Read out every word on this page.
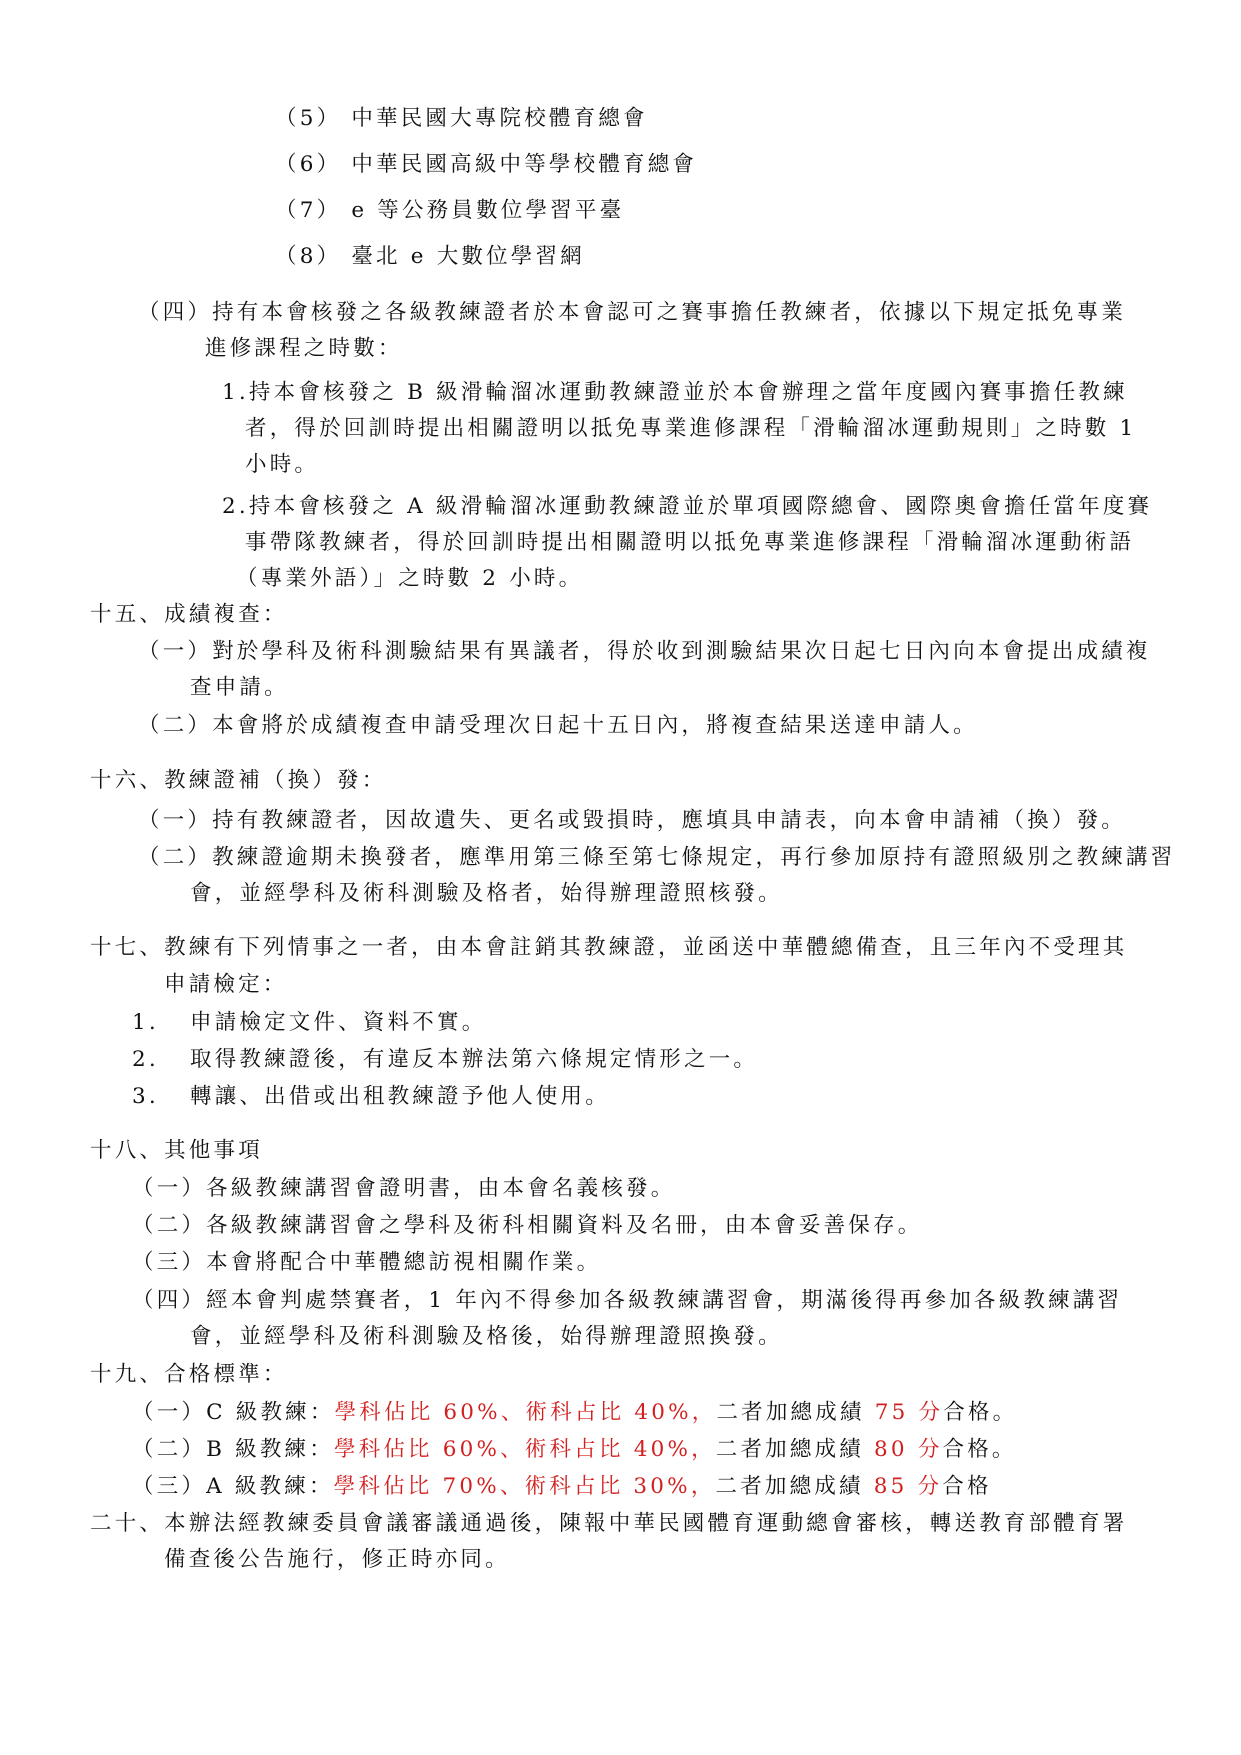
（5） 中華民國大專院校體育總會
（6） 中華民國高級中等學校體育總會
（7） e 等公務員數位學習平臺
（8） 臺北 e 大數位學習網
（四）持有本會核發之各級教練證者於本會認可之賽事擔任教練者，依據以下規定抵免專業
進修課程之時數：
1.持本會核發之 B 級滑輪溜冰運動教練證並於本會辦理之當年度國內賽事擔任教練
者，得於回訓時提出相關證明以抵免專業進修課程「滑輪溜冰運動規則」之時數 1
小時。
2.持本會核發之 A 級滑輪溜冰運動教練證並於單項國際總會、國際奧會擔任當年度賽
事帶隊教練者，得於回訓時提出相關證明以抵免專業進修課程「滑輪溜冰運動術語
（專業外語）」之時數 2 小時。
十五、成績複查：
（一）對於學科及術科測驗結果有異議者，得於收到測驗結果次日起七日內向本會提出成績複
查申請。
（二）本會將於成績複查申請受理次日起十五日內，將複查結果送達申請人。
十六、教練證補（換）發：
（一）持有教練證者，因故遺失、更名或毀損時，應填具申請表，向本會申請補（換）發。
（二）教練證逾期未換發者，應準用第三條至第七條規定，再行參加原持有證照級別之教練講習
會，並經學科及術科測驗及格者，始得辦理證照核發。
十七、教練有下列情事之一者，由本會註銷其教練證，並函送中華體總備查，且三年內不受理其
申請檢定：
1. 申請檢定文件、資料不實。
2. 取得教練證後，有違反本辦法第六條規定情形之一。
3. 轉讓、出借或出租教練證予他人使用。
十八、其他事項
（一）各級教練講習會證明書，由本會名義核發。
（二）各級教練講習會之學科及術科相關資料及名冊，由本會妥善保存。
（三）本會將配合中華體總訪視相關作業。
（四）經本會判處禁賽者，1 年內不得參加各級教練講習會，期滿後得再參加各級教練講習
會，並經學科及術科測驗及格後，始得辦理證照換發。
十九、合格標準：
（一）C 級教練：學科佔比 60%、術科占比 40%，二者加總成績 75 分合格。
（二）B 級教練：學科佔比 60%、術科占比 40%，二者加總成績 80 分合格。
（三）A 級教練：學科佔比 70%、術科占比 30%，二者加總成績 85 分合格
二十、本辦法經教練委員會議審議通過後，陳報中華民國體育運動總會審核，轉送教育部體育署
備查後公告施行，修正時亦同。
